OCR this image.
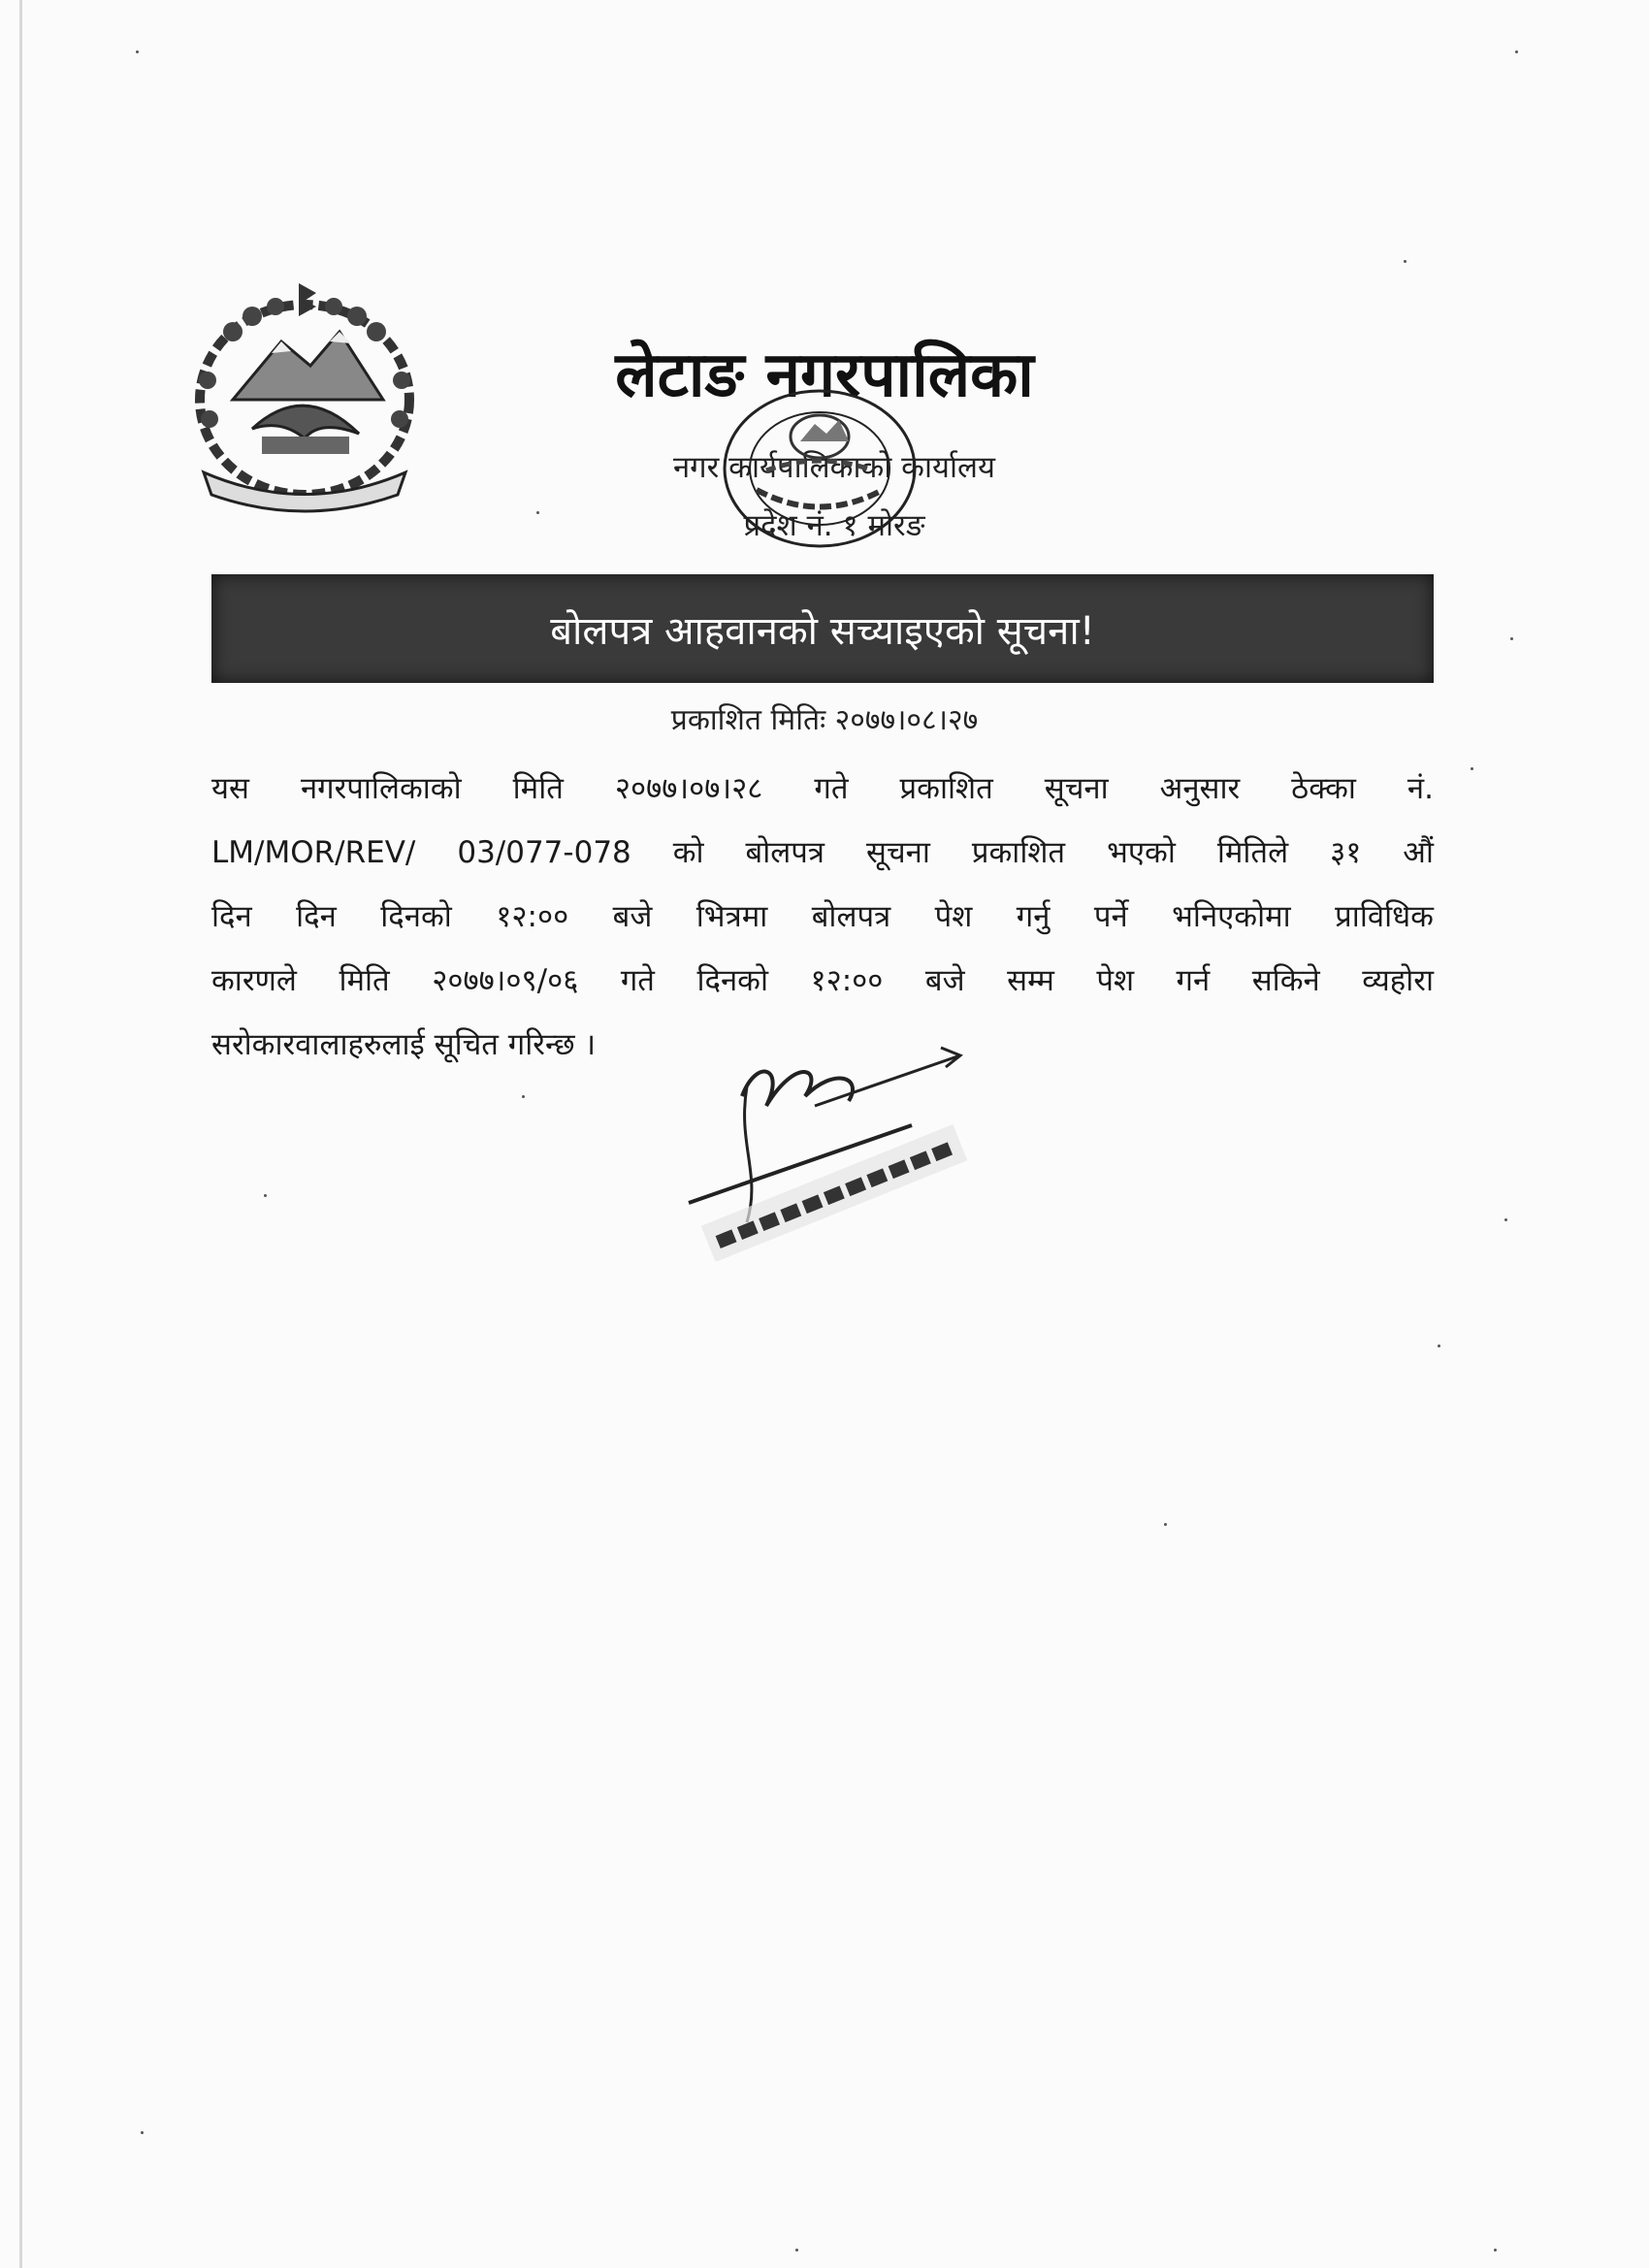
लेटाङ नगरपालिका
नगर कार्यपालिकाको कार्यालय
प्रदेश नं. १ मोरङ
बोलपत्र आहवानको सच्याइएको सूचना!
प्रकाशित मितिः २०७७।०८।२७
यस नगरपालिकाको मिति २०७७।०७।२८ गते प्रकाशित सूचना अनुसार ठेक्का नं.
LM/MOR/REV/ 03/077-078 को बोलपत्र सूचना प्रकाशित भएको मितिले ३१ औं
दिन दिन दिनको १२:०० बजे भित्रमा बोलपत्र पेश गर्नु पर्ने भनिएकोमा प्राविधिक
कारणले मिति २०७७।०९/०६ गते दिनको १२:०० बजे सम्म पेश गर्न सकिने व्यहोरा
सरोकारवालाहरुलाई सूचित गरिन्छ ।
